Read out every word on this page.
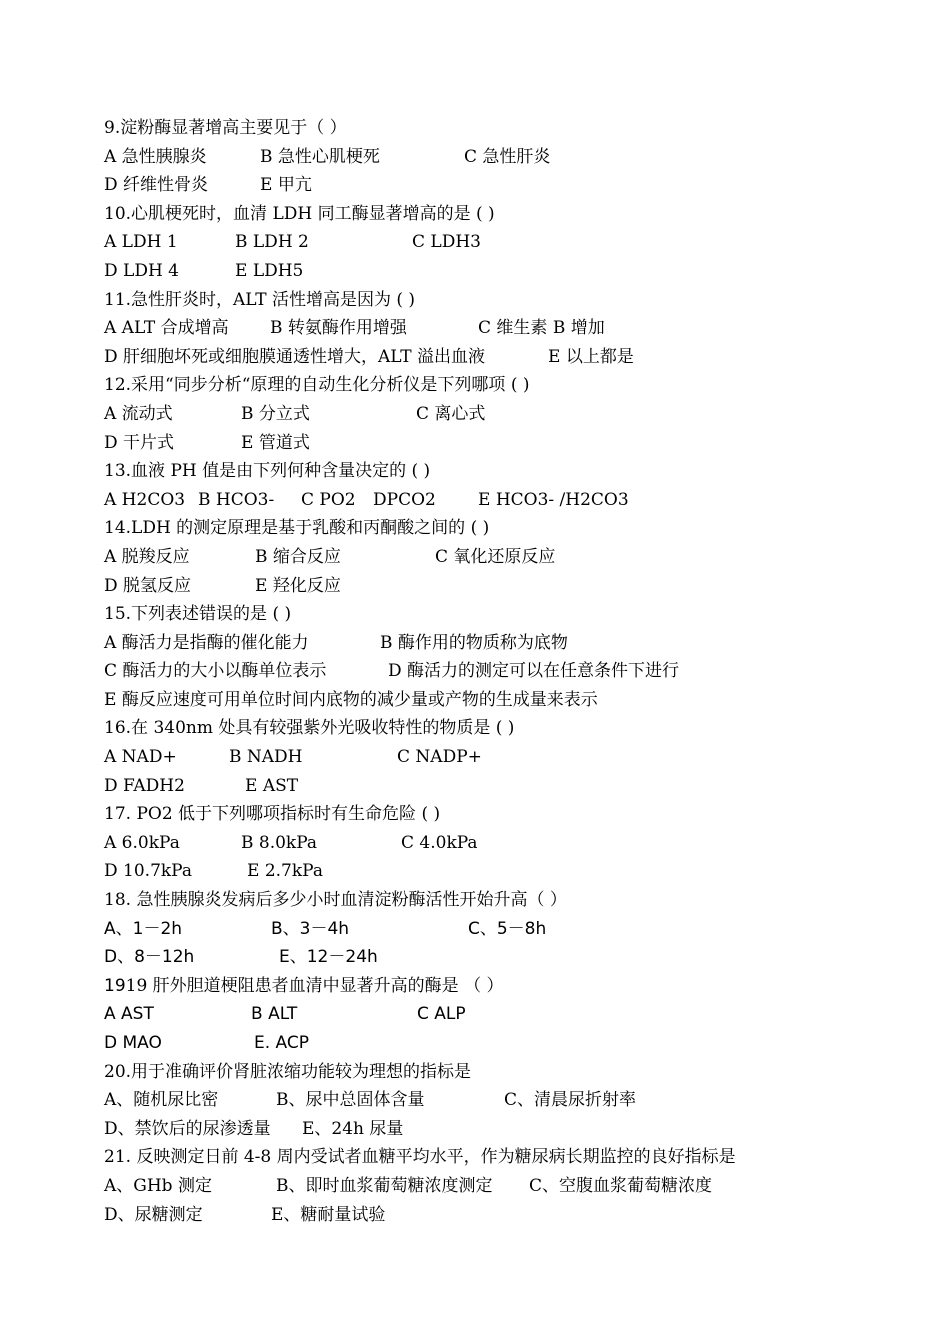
9.淀粉酶显著增高主要见于（ ）
A 急性胰腺炎	B 急性心肌梗死	C 急性肝炎
D 纤维性骨炎	E 甲亢
10.心肌梗死时，血清 LDH 同工酶显著增高的是 ( )
A LDH 1	B LDH 2	C LDH3
D LDH 4	E LDH5
11.急性肝炎时，ALT 活性增高是因为 ( )
A ALT 合成增高 B 转氨酶作用增强	C 维生素 B 增加
D 肝细胞坏死或细胞膜通透性增大，ALT 溢出血液	E 以上都是
12.采用“同步分析“原理的自动生化分析仪是下列哪项 ( )
A 流动式	B 分立式	C 离心式
D 干片式	E 管道式
13.血液 PH 值是由下列何种含量决定的 ( )
A H2CO3 B HCO3- C PO2 DPCO2 E HCO3- /H2CO3
14.LDH 的测定原理是基于乳酸和丙酮酸之间的 ( )
A 脱羧反应	B 缩合反应	C 氧化还原反应
D 脱氢反应	E 羟化反应
15.下列表述错误的是 ( )
A 酶活力是指酶的催化能力	B 酶作用的物质称为底物
C 酶活力的大小以酶单位表示	D 酶活力的测定可以在任意条件下进行
E 酶反应速度可用单位时间内底物的减少量或产物的生成量来表示
16.在 340nm 处具有较强紫外光吸收特性的物质是 ( )
A NAD+	B NADH	C NADP+
D FADH2	E AST
17. PO2 低于下列哪项指标时有生命危险 ( )
A 6.0kPa	B 8.0kPa	C 4.0kPa
D 10.7kPa	E 2.7kPa
18. 急性胰腺炎发病后多少小时血清淀粉酶活性开始升高（ ）
A、1－2h	B、3－4h	C、5－8h
D、8－12h	E、12－24h
1919 肝外胆道梗阻患者血清中显著升高的酶是 （ ）
A AST	B ALT	C ALP
D MAO	E. ACP
20.用于准确评价肾脏浓缩功能较为理想的指标是
A、随机尿比密	B、尿中总固体含量	C、清晨尿折射率
D、禁饮后的尿渗透量 E、24h 尿量
21. 反映测定日前 4-8 周内受试者血糖平均水平，作为糖尿病长期监控的良好指标是
A、GHb 测定	B、即时血浆葡萄糖浓度测定 C、空腹血浆葡萄糖浓度
D、尿糖测定	E、糖耐量试验
